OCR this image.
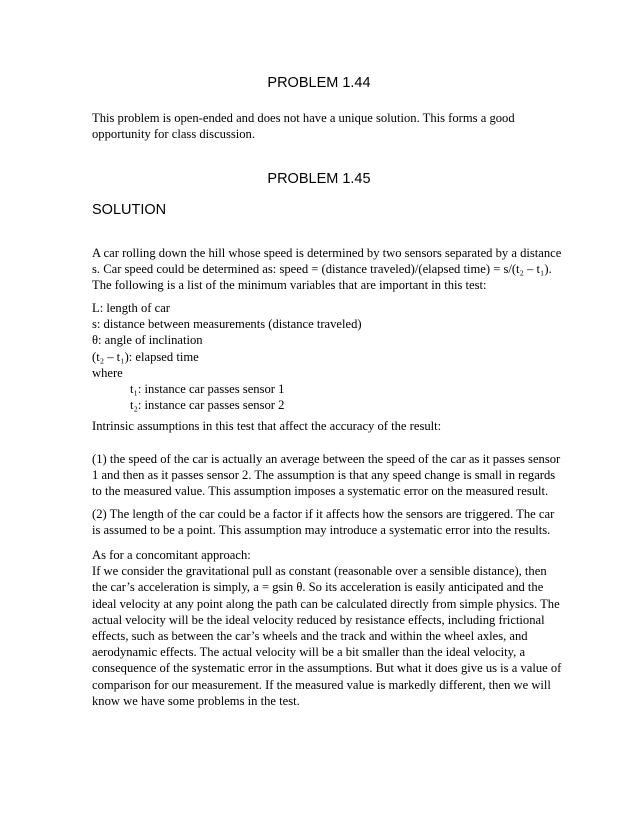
PROBLEM 1.44
This problem is open-ended and does not have a unique solution. This forms a good
opportunity for class discussion.
PROBLEM 1.45
SOLUTION
A car rolling down the hill whose speed is determined by two sensors separated by a distance
s. Car speed could be determined as: speed = (distance traveled)/(elapsed time) = s/(t₂ – t₁).
The following is a list of the minimum variables that are important in this test:
L: length of car
s: distance between measurements (distance traveled)
θ: angle of inclination
(t₂ – t₁): elapsed time
where
t₁: instance car passes sensor 1
t₂: instance car passes sensor 2
Intrinsic assumptions in this test that affect the accuracy of the result:
(1) the speed of the car is actually an average between the speed of the car as it passes sensor
1 and then as it passes sensor 2. The assumption is that any speed change is small in regards
to the measured value. This assumption imposes a systematic error on the measured result.
(2) The length of the car could be a factor if it affects how the sensors are triggered. The car
is assumed to be a point. This assumption may introduce a systematic error into the results.
As for a concomitant approach:
If we consider the gravitational pull as constant (reasonable over a sensible distance), then
the car’s acceleration is simply, a = gsin θ. So its acceleration is easily anticipated and the
ideal velocity at any point along the path can be calculated directly from simple physics. The
actual velocity will be the ideal velocity reduced by resistance effects, including frictional
effects, such as between the car’s wheels and the track and within the wheel axles, and
aerodynamic effects. The actual velocity will be a bit smaller than the ideal velocity, a
consequence of the systematic error in the assumptions. But what it does give us is a value of
comparison for our measurement. If the measured value is markedly different, then we will
know we have some problems in the test.
